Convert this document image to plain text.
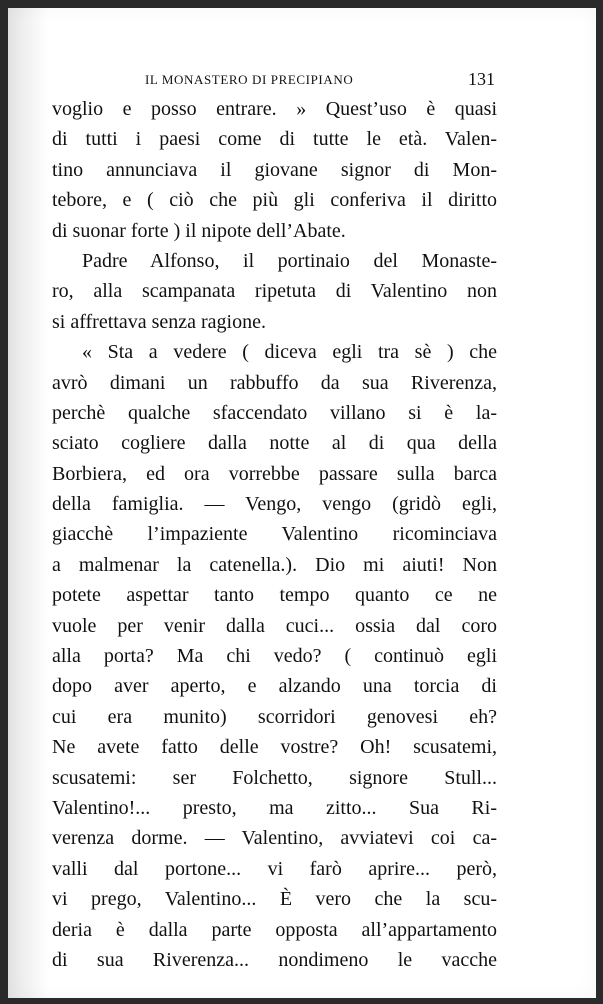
IL MONASTERO DI PRECIPIANO	131
voglio e posso entrare. » Quest’uso è quasi
di tutti i paesi come di tutte le età. Valen-
tino annunciava il giovane signor di Mon-
tebore, e ( ciò che più gli conferiva il diritto
di suonar forte ) il nipote dell’Abate.
Padre Alfonso, il portinaio del Monaste-
ro, alla scampanata ripetuta di Valentino non
si affrettava senza ragione.
« Sta a vedere ( diceva egli tra sè ) che
avrò dimani un rabbuffo da sua Riverenza,
perchè qualche sfaccendato villano si è la-
sciato cogliere dalla notte al di qua della
Borbiera, ed ora vorrebbe passare sulla barca
della famiglia. — Vengo, vengo (gridò egli,
giacchè l’impaziente Valentino ricominciava
a malmenar la catenella.). Dio mi aiuti! Non
potete aspettar tanto tempo quanto ce ne
vuole per venir dalla cuci... ossia dal coro
alla porta? Ma chi vedo? ( continuò egli
dopo aver aperto, e alzando una torcia di
cui era munito) scorridori genovesi eh?
Ne avete fatto delle vostre? Oh! scusatemi,
scusatemi: ser Folchetto, signore Stull...
Valentino!... presto, ma zitto... Sua Ri-
verenza dorme. — Valentino, avviatevi coi ca-
valli dal portone... vi farò aprire... però,
vi prego, Valentino... È vero che la scu-
deria è dalla parte opposta all’appartamento
di sua Riverenza... nondimeno le vacche
